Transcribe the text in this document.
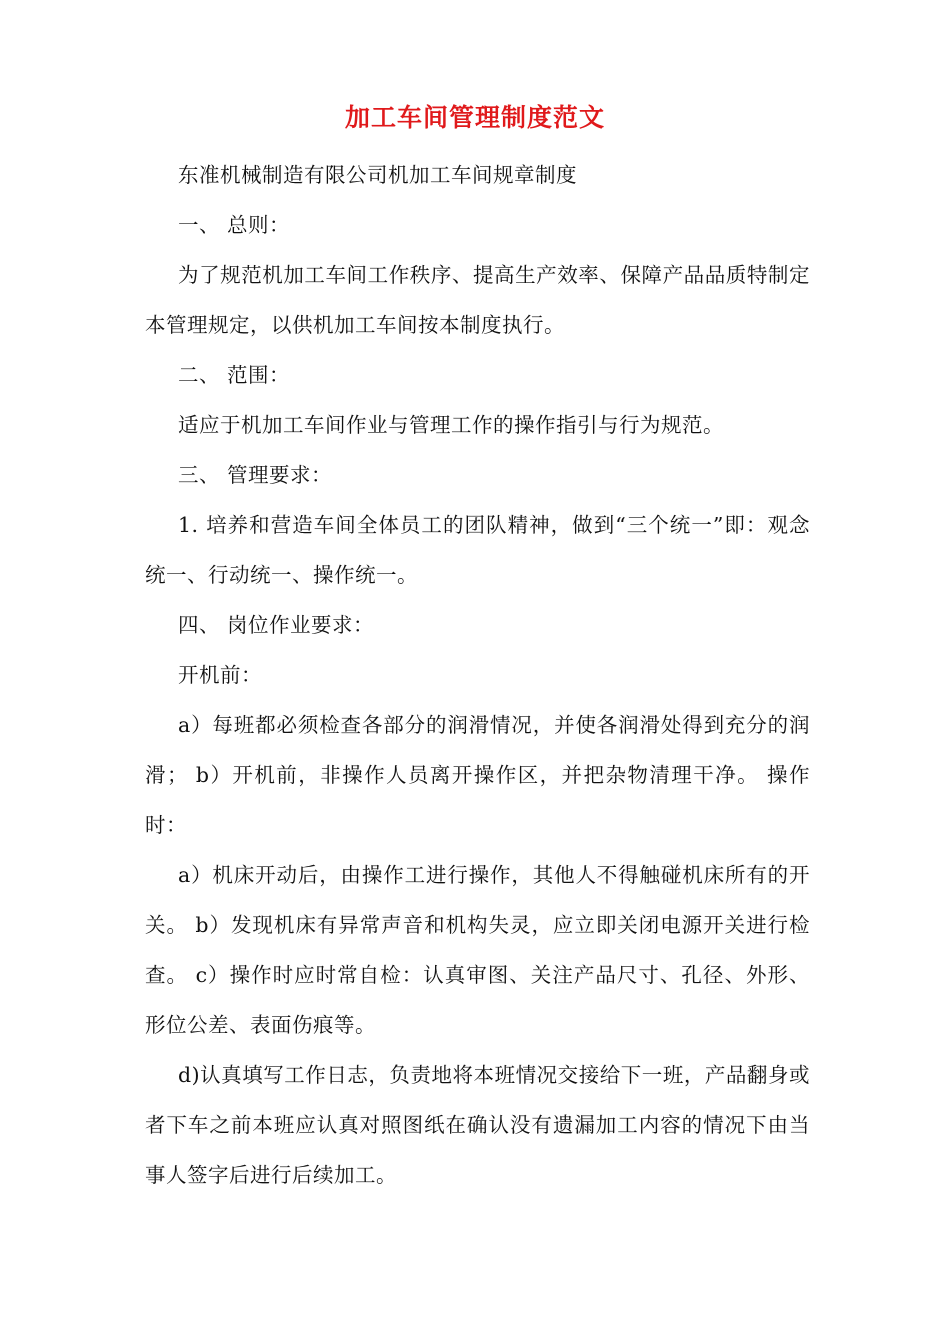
加工车间管理制度范文

东准机械制造有限公司机加工车间规章制度

一、 总则：

为了规范机加工车间工作秩序、提高生产效率、保障产品品质特制定本管理规定，以供机加工车间按本制度执行。

二、 范围：

适应于机加工车间作业与管理工作的操作指引与行为规范。

三、 管理要求：

1. 培养和营造车间全体员工的团队精神，做到“三个统一”即：观念统一、行动统一、操作统一。

四、 岗位作业要求：

开机前：

a）每班都必须检查各部分的润滑情况，并使各润滑处得到充分的润滑； b）开机前，非操作人员离开操作区，并把杂物清理干净。 操作时：

a）机床开动后，由操作工进行操作，其他人不得触碰机床所有的开关。 b）发现机床有异常声音和机构失灵，应立即关闭电源开关进行检查。 c）操作时应时常自检：认真审图、关注产品尺寸、孔径、外形、形位公差、表面伤痕等。

d)认真填写工作日志，负责地将本班情况交接给下一班，产品翻身或者下车之前本班应认真对照图纸在确认没有遗漏加工内容的情况下由当事人签字后进行后续加工。
